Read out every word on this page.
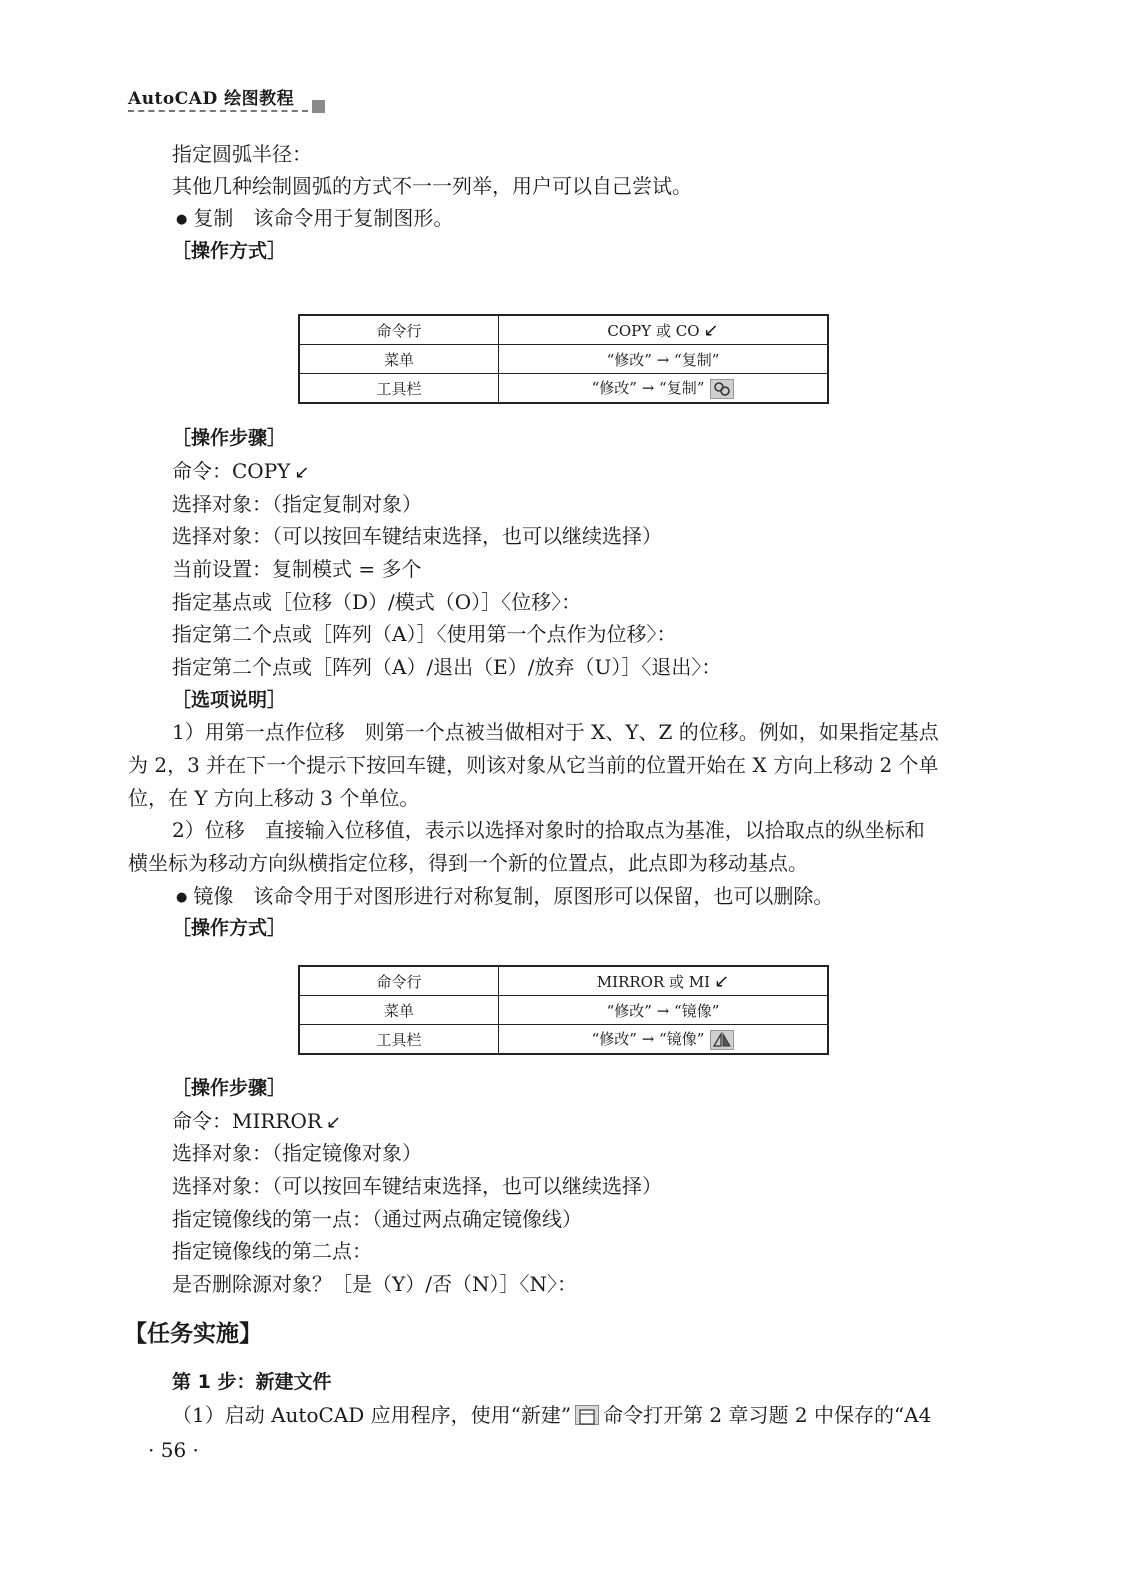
AutoCAD 绘图教程
指定圆弧半径：
其他几种绘制圆弧的方式不一一列举，用户可以自己尝试。
● 复制　该命令用于复制图形。
［操作方式］
命令行	COPY 或 CO ↙
菜单	“修改” → “复制”
工具栏	“修改” → “复制”
［操作步骤］
命令：COPY ↙
选择对象：（指定复制对象）
选择对象：（可以按回车键结束选择，也可以继续选择）
当前设置：复制模式 = 多个
指定基点或［位移（D）/模式（O）］〈位移〉：
指定第二个点或［阵列（A）］〈使用第一个点作为位移〉：
指定第二个点或［阵列（A）/退出（E）/放弃（U）］〈退出〉：
［选项说明］
1）用第一点作位移　则第一个点被当做相对于 X、Y、Z 的位移。例如，如果指定基点
为 2，3 并在下一个提示下按回车键，则该对象从它当前的位置开始在 X 方向上移动 2 个单
位，在 Y 方向上移动 3 个单位。
2）位移　直接输入位移值，表示以选择对象时的拾取点为基准，以拾取点的纵坐标和
横坐标为移动方向纵横指定位移，得到一个新的位置点，此点即为移动基点。
● 镜像　该命令用于对图形进行对称复制，原图形可以保留，也可以删除。
［操作方式］
命令行	MIRROR 或 MI ↙
菜单	“修改” → “镜像”
工具栏	“修改” → “镜像”
［操作步骤］
命令：MIRROR ↙
选择对象：（指定镜像对象）
选择对象：（可以按回车键结束选择，也可以继续选择）
指定镜像线的第一点：（通过两点确定镜像线）
指定镜像线的第二点：
是否删除源对象？［是（Y）/否（N）］〈N〉：
【任务实施】
第 1 步：新建文件
（1）启动 AutoCAD 应用程序，使用“新建” 命令打开第 2 章习题 2 中保存的“A4
· 56 ·
